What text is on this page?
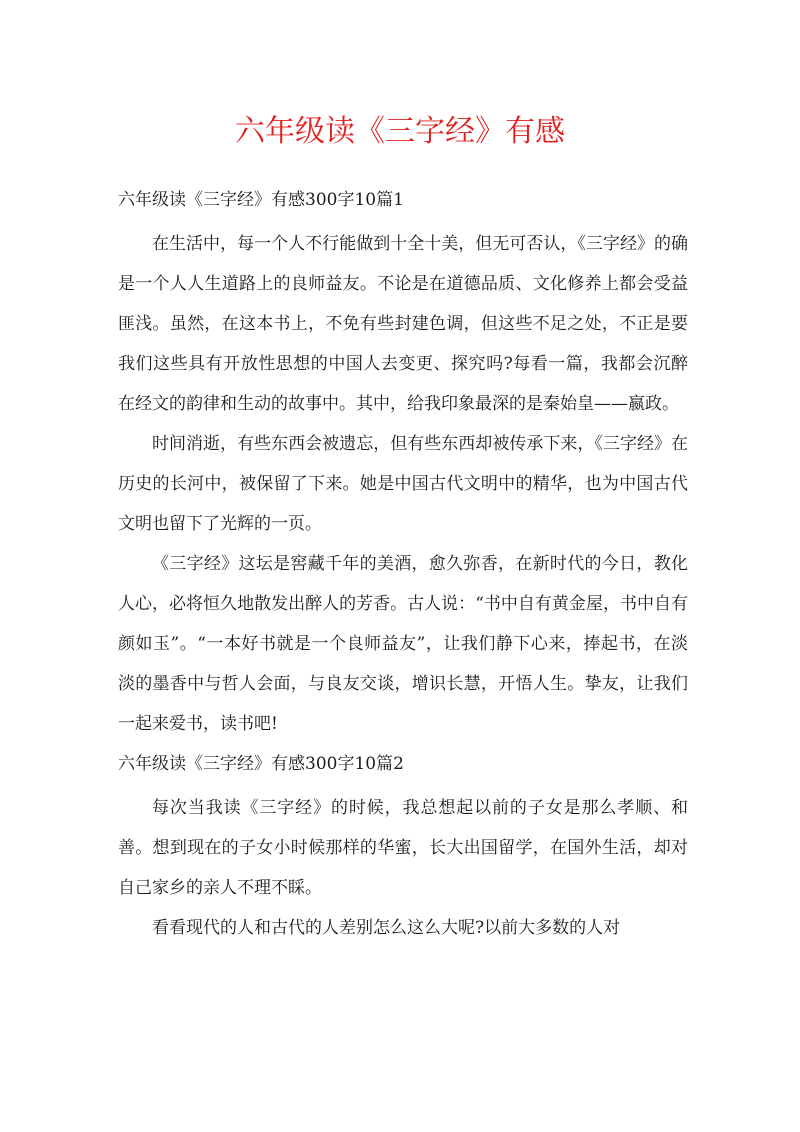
六年级读《三字经》有感

六年级读《三字经》有感300字10篇1

在生活中，每一个人不行能做到十全十美，但无可否认，《三字经》的确是一个人人生道路上的良师益友。不论是在道德品质、文化修养上都会受益匪浅。虽然，在这本书上，不免有些封建色调，但这些不足之处，不正是要我们这些具有开放性思想的中国人去变更、探究吗?每看一篇，我都会沉醉在经文的韵律和生动的故事中。其中，给我印象最深的是秦始皇——嬴政。

时间消逝，有些东西会被遗忘，但有些东西却被传承下来，《三字经》在历史的长河中，被保留了下来。她是中国古代文明中的精华，也为中国古代文明也留下了光辉的一页。

《三字经》这坛是窖藏千年的美酒，愈久弥香，在新时代的今日，教化人心，必将恒久地散发出醉人的芳香。古人说：“书中自有黄金屋，书中自有颜如玉”。“一本好书就是一个良师益友”，让我们静下心来，捧起书，在淡淡的墨香中与哲人会面，与良友交谈，增识长慧，开悟人生。挚友，让我们一起来爱书，读书吧!

六年级读《三字经》有感300字10篇2

每次当我读《三字经》的时候，我总想起以前的子女是那么孝顺、和善。想到现在的子女小时候那样的华蜜，长大出国留学，在国外生活，却对自己家乡的亲人不理不睬。

看看现代的人和古代的人差别怎么这么大呢?以前大多数的人对
